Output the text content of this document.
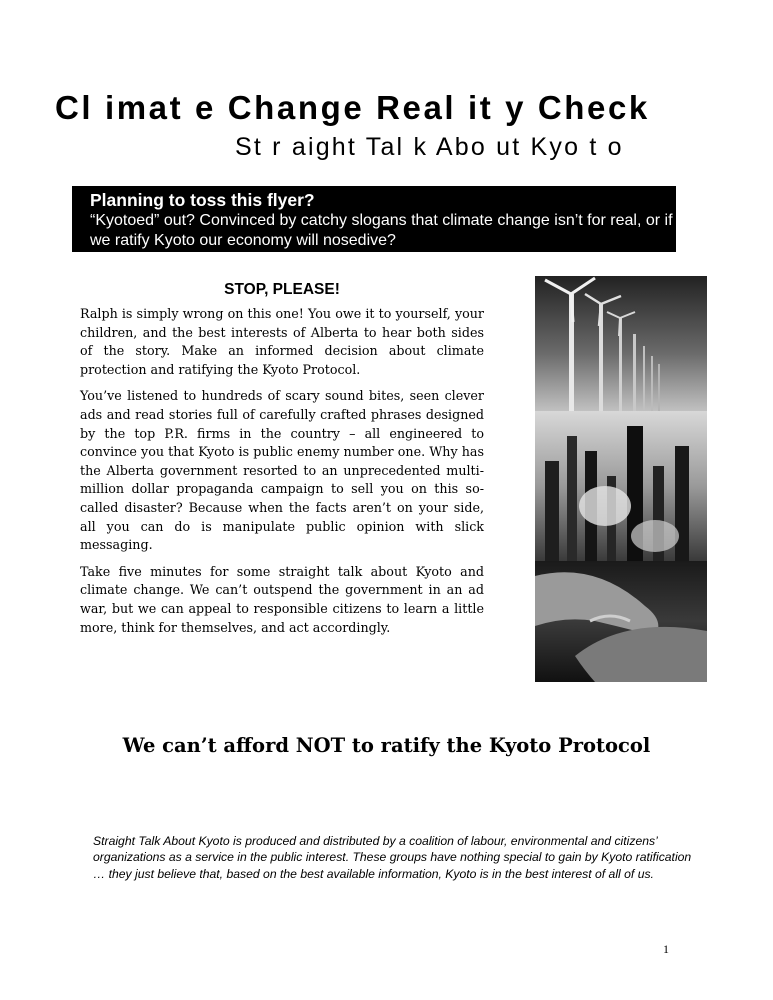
Cl imat e Change Real it y Check
St r aight Tal k Abo ut Kyo t o
Planning to toss this flyer?
“Kyotoed” out? Convinced by catchy slogans that climate change isn’t for real, or if we ratify Kyoto our economy will nosedive?
STOP, PLEASE!

Ralph is simply wrong on this one! You owe it to yourself, your children, and the best interests of Alberta to hear both sides of the story. Make an informed decision about climate protection and ratifying the Kyoto Protocol.

You’ve listened to hundreds of scary sound bites, seen clever ads and read stories full of carefully crafted phrases designed by the top P.R. firms in the country – all engineered to convince you that Kyoto is public enemy number one. Why has the Alberta government resorted to an unprecedented multi-million dollar propaganda campaign to sell you on this so-called disaster? Because when the facts aren’t on your side, all you can do is manipulate public opinion with slick messaging.

Take five minutes for some straight talk about Kyoto and climate change. We can’t outspend the government in an ad war, but we can appeal to responsible citizens to learn a little more, think for themselves, and act accordingly.

We can’t afford NOT to ratify the Kyoto Protocol
Straight Talk About Kyoto is produced and distributed by a coalition of labour, environmental and citizens’ organizations as a service in the public interest. These groups have nothing special to gain by Kyoto ratification … they just believe that, based on the best available information, Kyoto is in the best interest of all of us.
1
